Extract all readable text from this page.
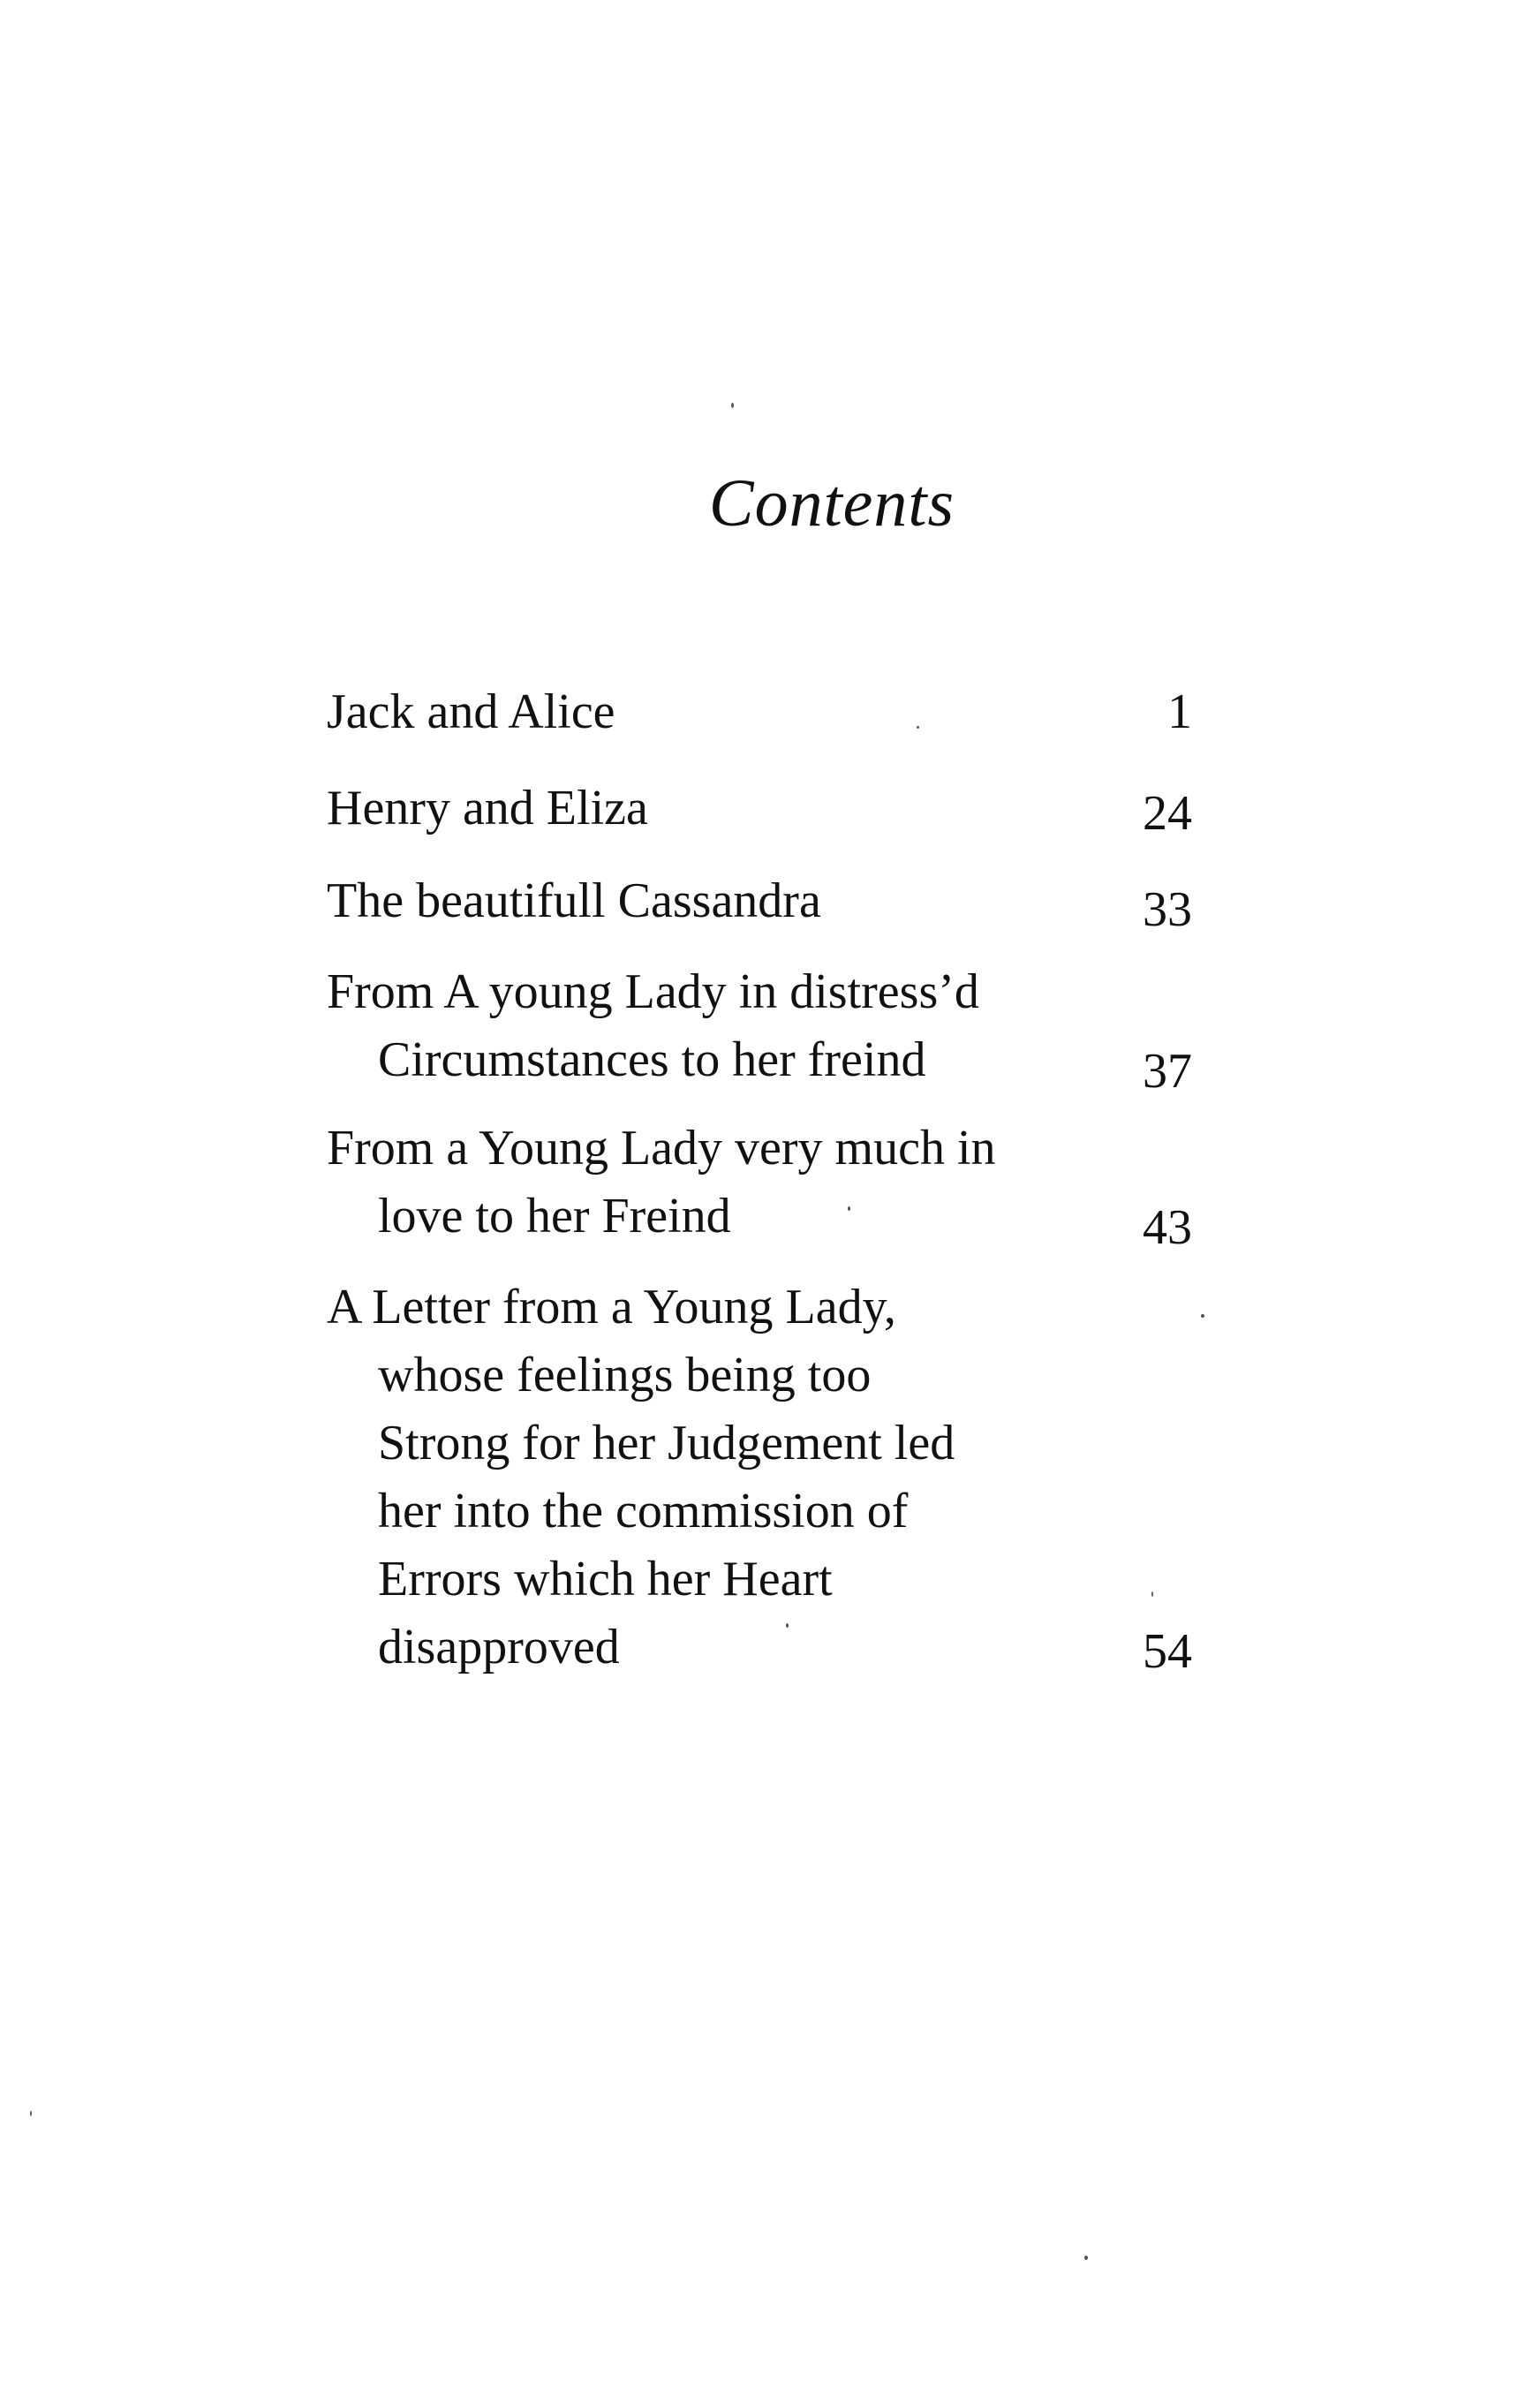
Contents
Jack and Alice	1
Henry and Eliza	24
The beautifull Cassandra	33
From A young Lady in distress’d
Circumstances to her freind	37
From a Young Lady very much in
love to her Freind	43
A Letter from a Young Lady,
whose feelings being too
Strong for her Judgement led
her into the commission of
Errors which her Heart
disapproved	54
